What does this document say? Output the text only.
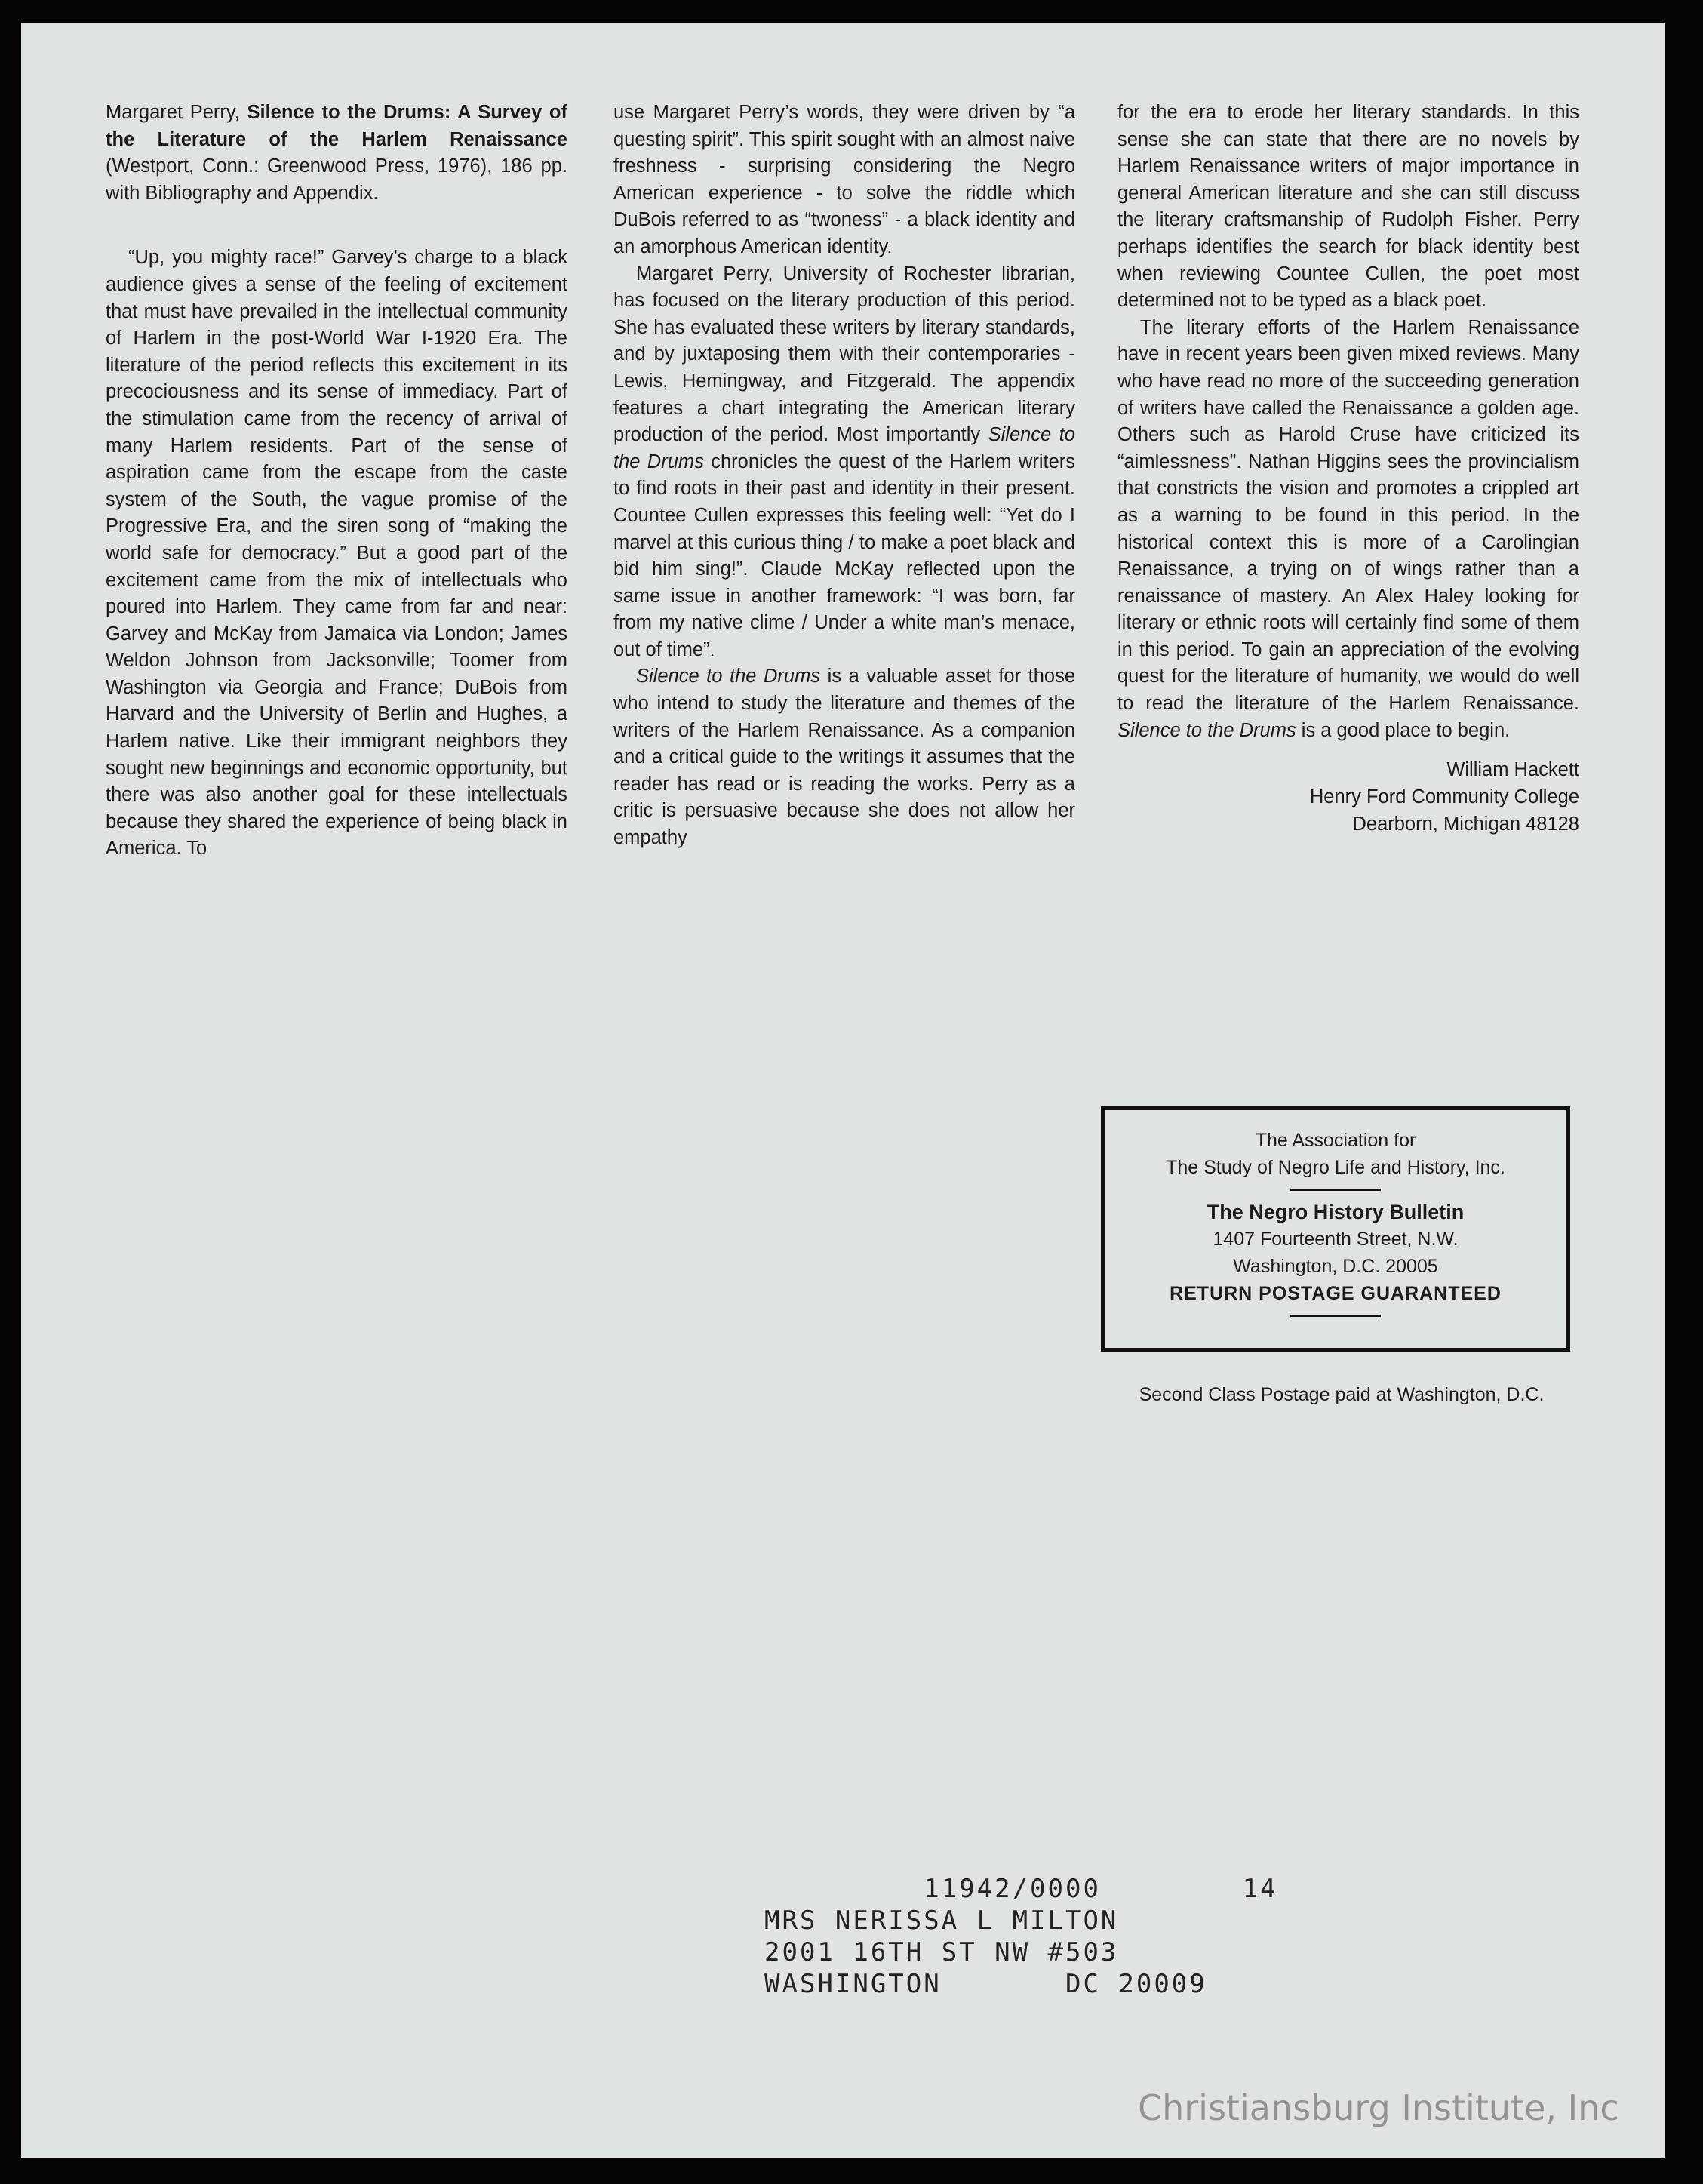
Margaret Perry, Silence to the Drums: A Survey of the Literature of the Harlem Renaissance (Westport, Conn.: Greenwood Press, 1976), 186 pp. with Bibliography and Appendix.

“Up, you mighty race!” Garvey’s charge to a black audience gives a sense of the feeling of excitement that must have prevailed in the intellectual community of Harlem in the post-World War I-1920 Era. The literature of the period reflects this excitement in its precociousness and its sense of immediacy. Part of the stimulation came from the recency of arrival of many Harlem residents. Part of the sense of aspiration came from the escape from the caste system of the South, the vague promise of the Progressive Era, and the siren song of “making the world safe for democracy.” But a good part of the excitement came from the mix of intellectuals who poured into Harlem. They came from far and near: Garvey and McKay from Jamaica via London; James Weldon Johnson from Jacksonville; Toomer from Washington via Georgia and France; DuBois from Harvard and the University of Berlin and Hughes, a Harlem native. Like their immigrant neighbors they sought new beginnings and economic opportunity, but there was also another goal for these intellectuals because they shared the experience of being black in America. To

use Margaret Perry’s words, they were driven by “a questing spirit”. This spirit sought with an almost naive freshness - surprising considering the Negro American experience - to solve the riddle which DuBois referred to as “twoness” - a black identity and an amorphous American identity.

Margaret Perry, University of Rochester librarian, has focused on the literary production of this period. She has evaluated these writers by literary standards, and by juxtaposing them with their contemporaries - Lewis, Hemingway, and Fitzgerald. The appendix features a chart integrating the American literary production of the period. Most importantly Silence to the Drums chronicles the quest of the Harlem writers to find roots in their past and identity in their present. Countee Cullen expresses this feeling well: “Yet do I marvel at this curious thing / to make a poet black and bid him sing!”. Claude McKay reflected upon the same issue in another framework: “I was born, far from my native clime / Under a white man’s menace, out of time”.

Silence to the Drums is a valuable asset for those who intend to study the literature and themes of the writers of the Harlem Renaissance. As a companion and a critical guide to the writings it assumes that the reader has read or is reading the works. Perry as a critic is persuasive because she does not allow her empathy

for the era to erode her literary standards. In this sense she can state that there are no novels by Harlem Renaissance writers of major importance in general American literature and she can still discuss the literary craftsmanship of Rudolph Fisher. Perry perhaps identifies the search for black identity best when reviewing Countee Cullen, the poet most determined not to be typed as a black poet.

The literary efforts of the Harlem Renaissance have in recent years been given mixed reviews. Many who have read no more of the succeeding generation of writers have called the Renaissance a golden age. Others such as Harold Cruse have criticized its “aimlessness”. Nathan Higgins sees the provincialism that constricts the vision and promotes a crippled art as a warning to be found in this period. In the historical context this is more of a Carolingian Renaissance, a trying on of wings rather than a renaissance of mastery. An Alex Haley looking for literary or ethnic roots will certainly find some of them in this period. To gain an appreciation of the evolving quest for the literature of humanity, we would do well to read the literature of the Harlem Renaissance. Silence to the Drums is a good place to begin.

William Hackett
Henry Ford Community College
Dearborn, Michigan 48128
The Association for
The Study of Negro Life and History, Inc.
The Negro History Bulletin
1407 Fourteenth Street, N.W.
Washington, D.C. 20005
RETURN POSTAGE GUARANTEED
Second Class Postage paid at Washington, D.C.
11942/0000        14
MRS NERISSA L MILTON
2001 16TH ST NW #503
WASHINGTON       DC 20009
Christiansburg Institute, Inc
